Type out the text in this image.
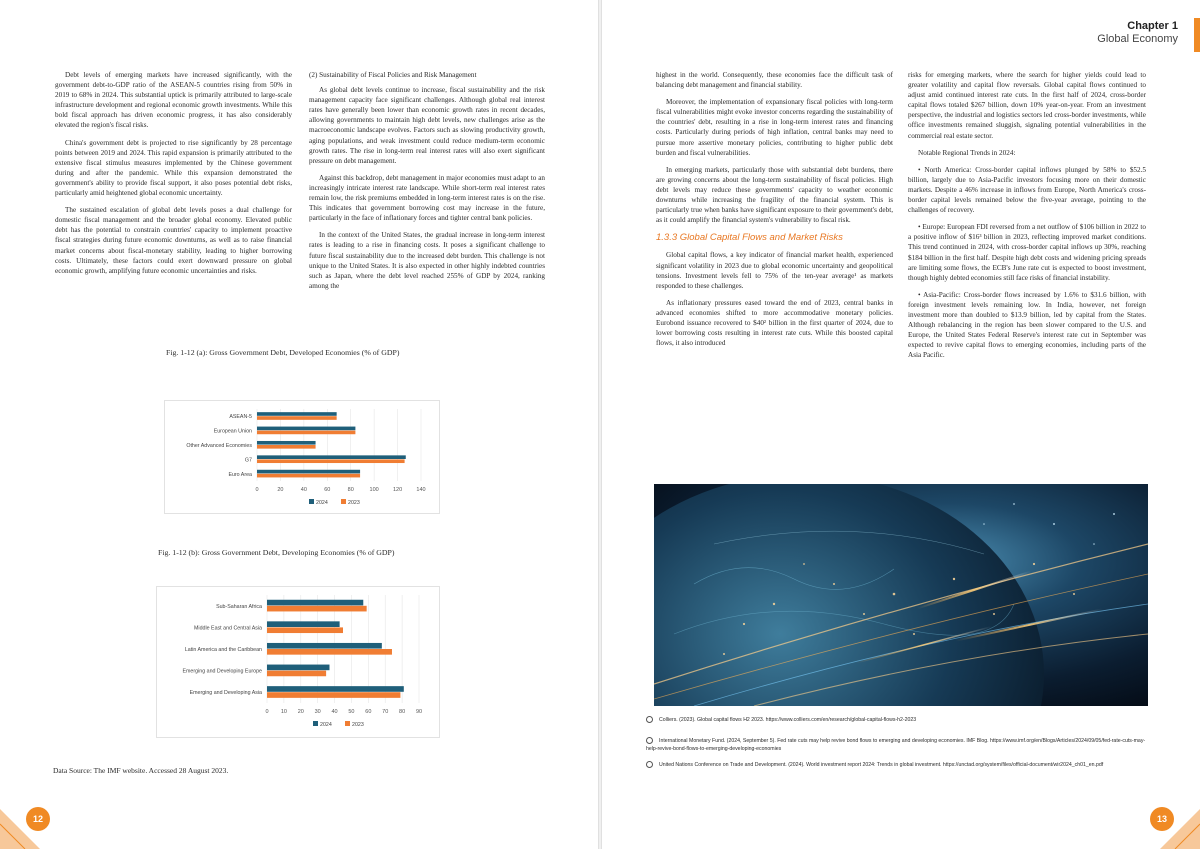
Debt levels of emerging markets have increased significantly, with the government debt-to-GDP ratio of the ASEAN-5 countries rising from 50% in 2019 to 68% in 2024. This substantial uptick is primarily attributed to large-scale infrastructure development and regional economic growth investments. While this bold fiscal approach has driven economic progress, it has also considerably elevated the region's fiscal risks.

China's government debt is projected to rise significantly by 28 percentage points between 2019 and 2024. This rapid expansion is primarily attributed to the extensive fiscal stimulus measures implemented by the Chinese government during and after the pandemic. While this expansion demonstrated the government's ability to provide fiscal support, it also poses potential debt risks, particularly amid heightened global economic uncertainty.

The sustained escalation of global debt levels poses a dual challenge for domestic fiscal management and the broader global economy. Elevated public debt has the potential to constrain countries' capacity to implement proactive fiscal strategies during future economic downturns, as well as to raise financial market concerns about fiscal-monetary stability, leading to higher borrowing costs. Ultimately, these factors could exert downward pressure on global economic growth, amplifying future economic uncertainties and risks.

(2) Sustainability of Fiscal Policies and Risk Management

As global debt levels continue to increase, fiscal sustainability and the risk management capacity face significant challenges. Although global real interest rates have generally been lower than economic growth rates in recent decades, allowing governments to maintain high debt levels, new challenges arise as the macroeconomic landscape evolves. Factors such as slowing productivity growth, aging populations, and weak investment could reduce medium-term economic growth rates. The rise in long-term real interest rates will also exert significant pressure on debt management.

Against this backdrop, debt management in major economies must adapt to an increasingly intricate interest rate landscape. While short-term real interest rates remain low, the risk premiums embedded in long-term interest rates is on the rise. This indicates that government borrowing cost may increase in the future, particularly in the face of inflationary forces and tighter central bank policies.

In the context of the United States, the gradual increase in long-term interest rates is leading to a rise in financing costs. It poses a significant challenge to future fiscal sustainability due to the increased debt burden. This challenge is not unique to the United States. It is also expected in other highly indebted countries such as Japan, where the debt level reached 255% of GDP by 2024, ranking among the

Fig. 1-12 (a): Gross Government Debt, Developed Economies (% of GDP)
0	20	40	60	80	100	120	140
ASEAN-5
European Union
Other Advanced Economies
G7
Euro Area
2024	2023
Fig. 1-12 (b): Gross Government Debt, Developing Economies (% of GDP)
0 10 20 30 40 50 60 70 80 90
Sub-Saharan Africa
Middle East and Central Asia
Latin America and the Caribbean
Emerging and Developing Europe
Emerging and Developing Asia
2024	2023
Data Source: The IMF website. Accessed 28 August 2023.
12
Chapter 1
Global Economy

highest in the world. Consequently, these economies face the difficult task of balancing debt management and financial stability.

Moreover, the implementation of expansionary fiscal policies with long-term fiscal vulnerabilities might evoke investor concerns regarding the sustainability of the countries' debt, resulting in a rise in long-term interest rates and financing costs. Particularly during periods of high inflation, central banks may need to pursue more assertive monetary policies, contributing to higher public debt burden and fiscal vulnerabilities.

In emerging markets, particularly those with substantial debt burdens, there are growing concerns about the long-term sustainability of fiscal policies. High debt levels may reduce these governments' capacity to weather economic downturns while increasing the fragility of the financial system. This is particularly true when banks have significant exposure to their government's debt, as it could amplify the financial system's vulnerability to fiscal risk.

1.3.3 Global Capital Flows and Market Risks

Global capital flows, a key indicator of financial market health, experienced significant volatility in 2023 due to global economic uncertainty and geopolitical tensions. Investment levels fell to 75% of the ten-year average¹ as markets responded to these challenges.

As inflationary pressures eased toward the end of 2023, central banks in advanced economies shifted to more accommodative monetary policies. Eurobond issuance recovered to $40² billion in the first quarter of 2024, due to lower borrowing costs resulting in interest rate cuts. While this boosted capital flows, it also introduced

risks for emerging markets, where the search for higher yields could lead to greater volatility and capital flow reversals. Global capital flows continued to adjust amid continued interest rate cuts. In the first half of 2024, cross-border capital flows totaled $267 billion, down 10% year-on-year. From an investment perspective, the industrial and logistics sectors led cross-border investments, while office investments remained sluggish, signaling potential vulnerabilities in the commercial real estate sector.

Notable Regional Trends in 2024:

• North America: Cross-border capital inflows plunged by 58% to $52.5 billion, largely due to Asia-Pacific investors focusing more on their domestic markets. Despite a 46% increase in inflows from Europe, North America's cross-border capital levels remained below the five-year average, pointing to the challenges of recovery.

• Europe: European FDI reversed from a net outflow of $106 billion in 2022 to a positive inflow of $16³ billion in 2023, reflecting improved market conditions. This trend continued in 2024, with cross-border capital inflows up 30%, reaching $184 billion in the first half. Despite high debt costs and widening pricing spreads are limiting some flows, the ECB's June rate cut is expected to boost investment, though highly debted economies still face risks of financial instability.

• Asia-Pacific: Cross-border flows increased by 1.6% to $31.6 billion, with foreign investment levels remaining low. In India, however, net foreign investment more than doubled to $13.9 billion, led by capital from the States. Although rebalancing in the region has been slower compared to the U.S. and Europe, the United States Federal Reserve's interest rate cut in September was expected to revive capital flows to emerging economies, including parts of the Asia Pacific.

Colliers. (2023). Global capital flows H2 2023. https://www.colliers.com/en/research/global-capital-flows-h2-2023
International Monetary Fund. (2024, September 5). Fed rate cuts may help revive bond flows to emerging and developing economies. IMF Blog. https://www.imf.org/en/Blogs/Articles/2024/09/05/fed-rate-cuts-may-help-revive-bond-flows-to-emerging-developing-economies
United Nations Conference on Trade and Development. (2024). World investment report 2024: Trends in global investment. https://unctad.org/system/files/official-document/wir2024_ch01_en.pdf
13
